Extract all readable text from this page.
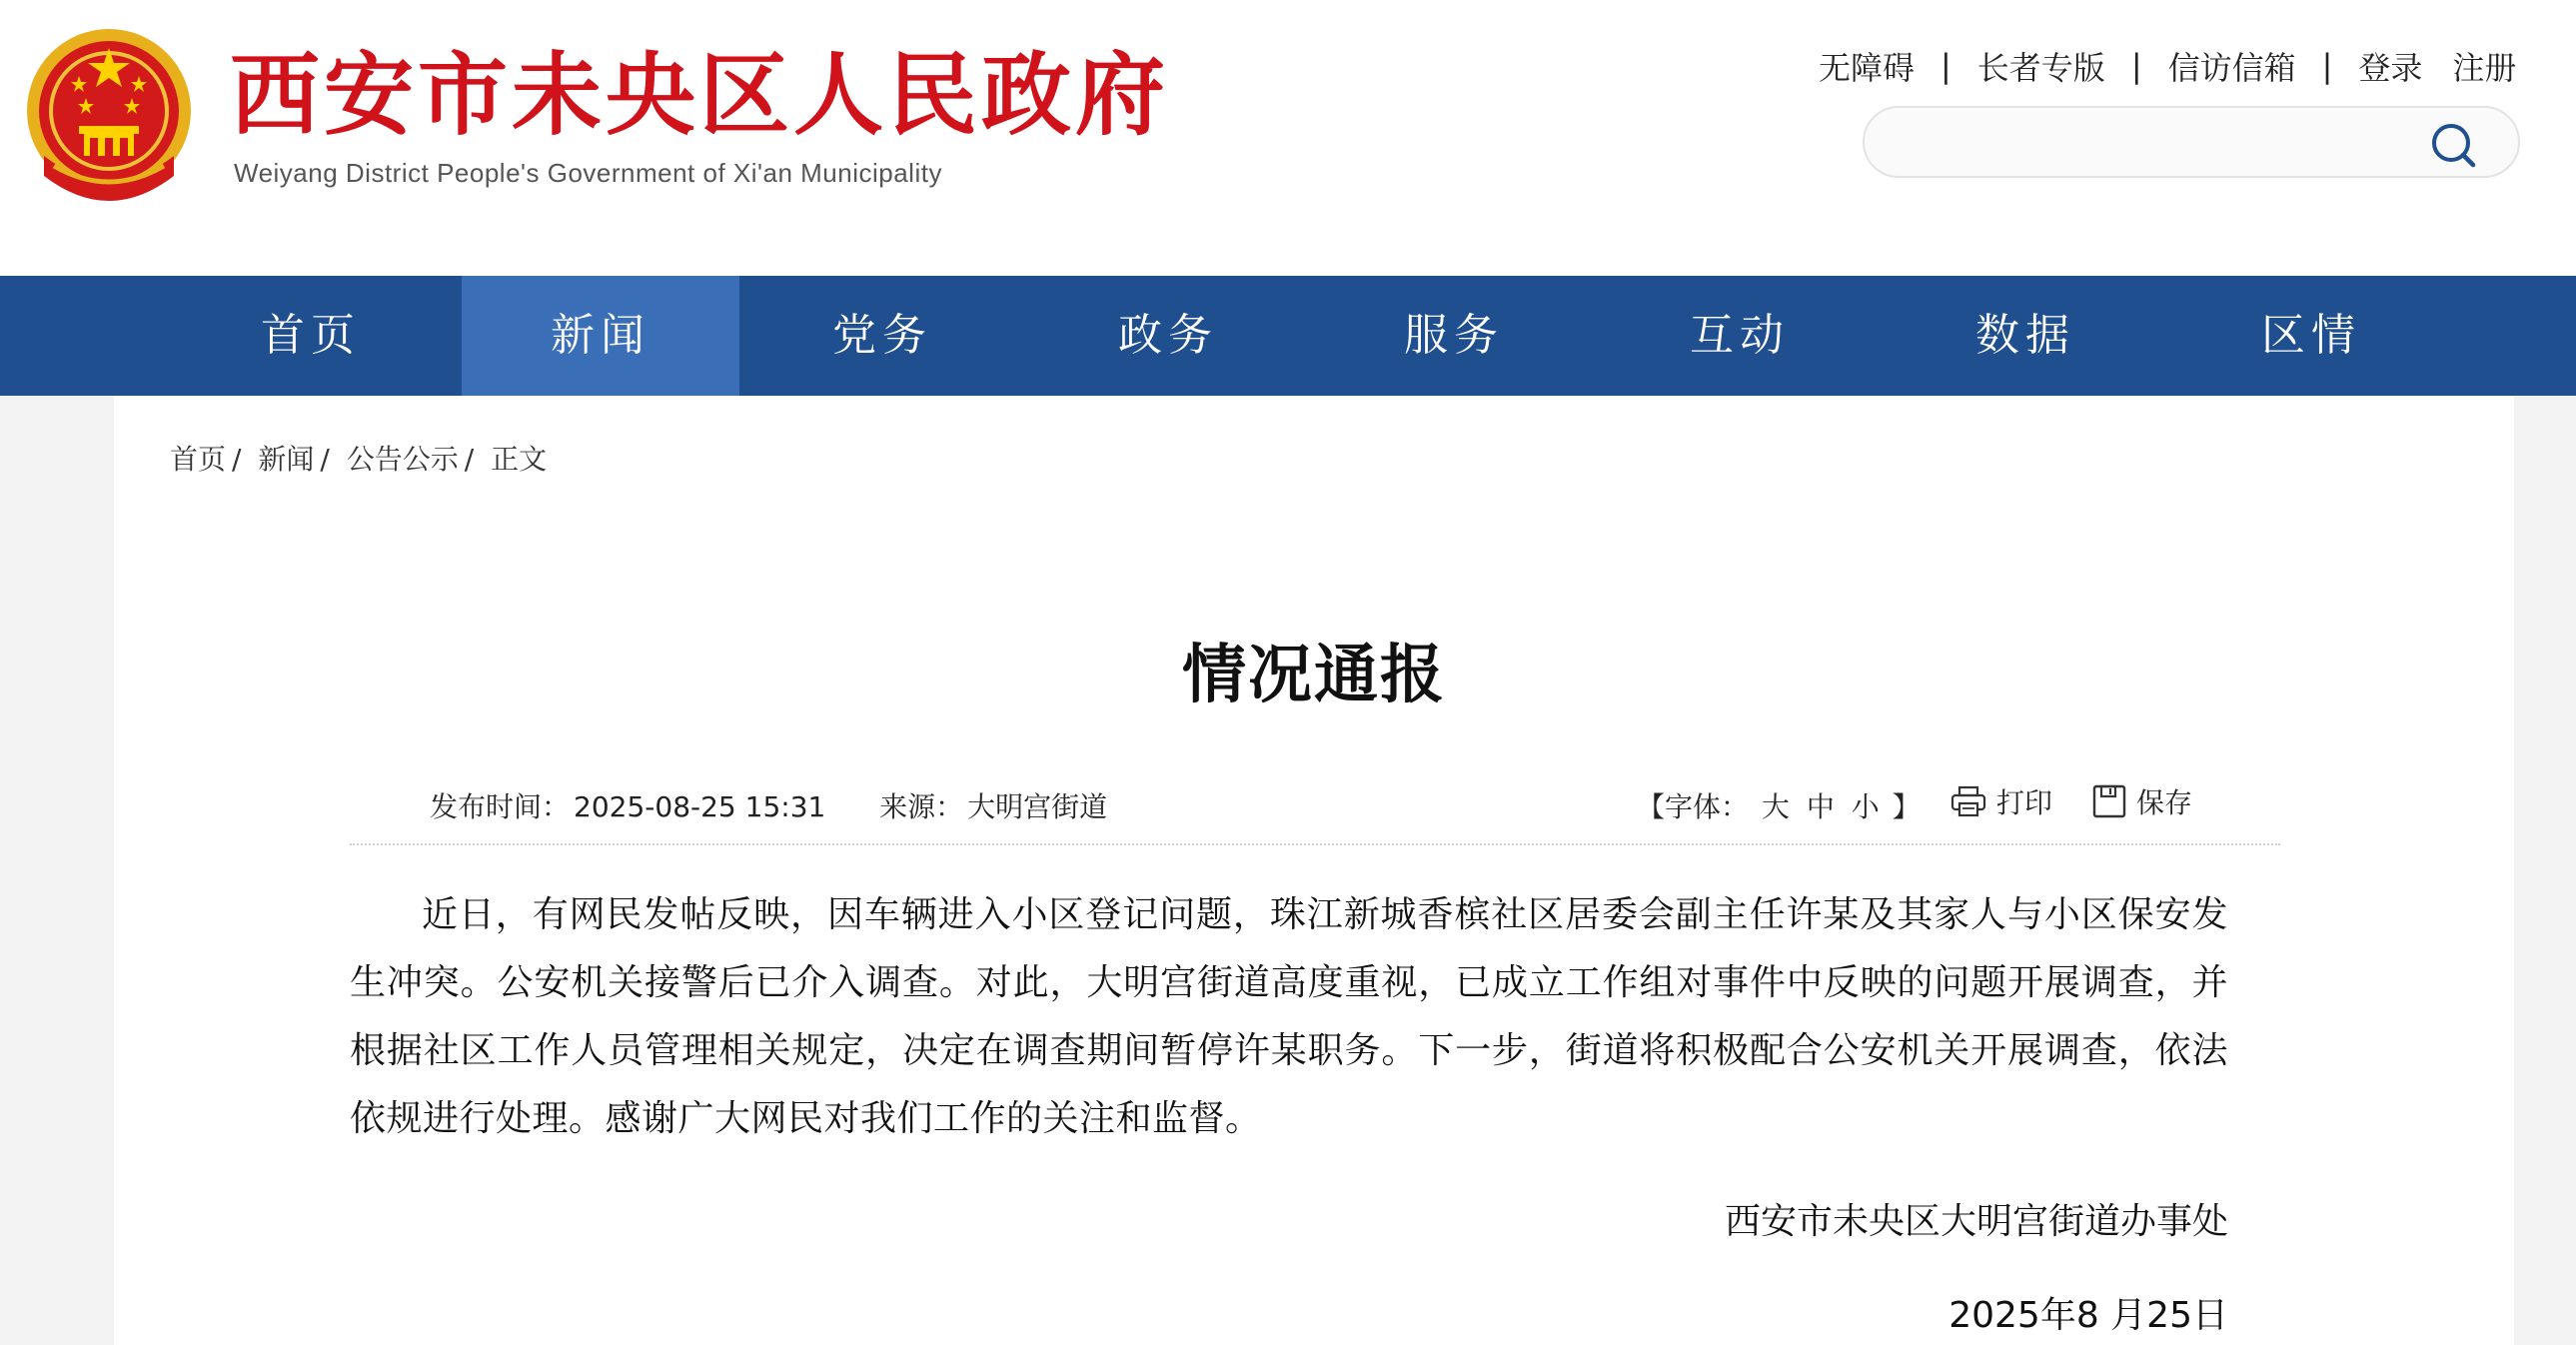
西安市未央区人民政府
Weiyang District People's Government of Xi'an Municipality
无障碍 | 长者专版 | 信访信箱 | 登录 注册
首页	新闻	党务	政务	服务	互动	数据	区情
首页 / 新闻 / 公告公示 / 正文
情况通报
发布时间： 2025-08-25 15:31 来源： 大明宫街道	【字体： 大 中 小 】	打印	保存

近日，有网民发帖反映，因车辆进入小区登记问题，珠江新城香槟社区居委会副主任许某及其家人与小区保安发生冲突。公安机关接警后已介入调查。对此，大明宫街道高度重视，已成立工作组对事件中反映的问题开展调查，并根据社区工作人员管理相关规定，决定在调查期间暂停许某职务。下一步，街道将积极配合公安机关开展调查，依法依规进行处理。感谢广大网民对我们工作的关注和监督。

西安市未央区大明宫街道办事处
2025年8 月25日
